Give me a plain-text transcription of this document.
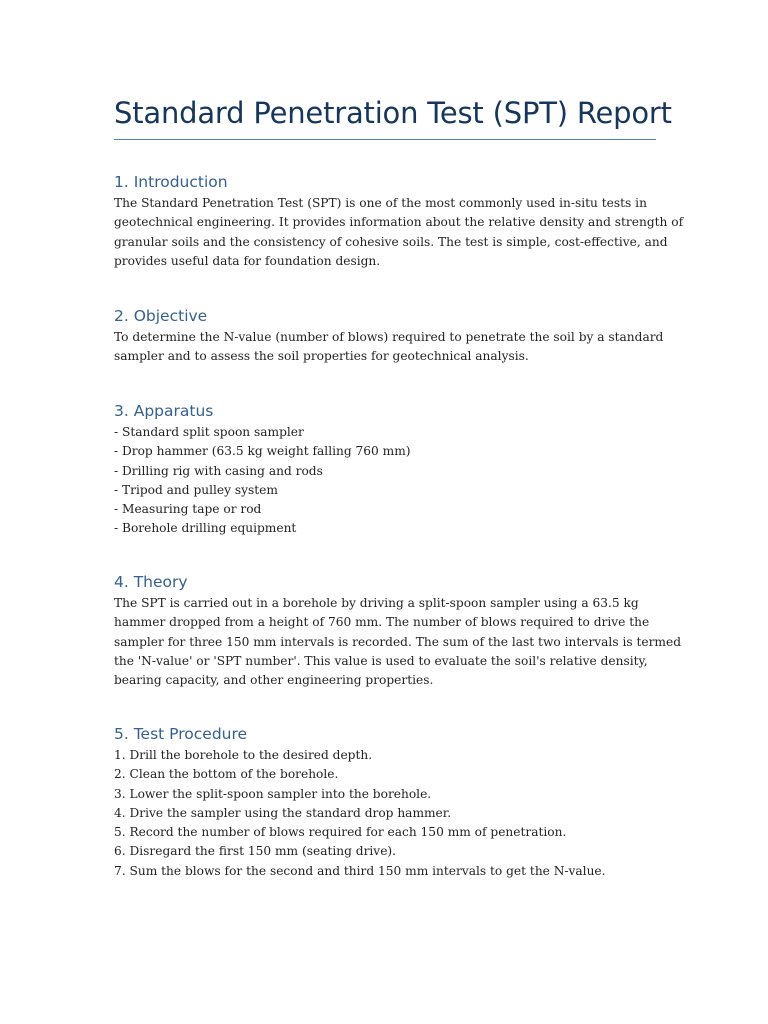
Standard Penetration Test (SPT) Report
1. Introduction

The Standard Penetration Test (SPT) is one of the most commonly used in-situ tests in
geotechnical engineering. It provides information about the relative density and strength of
granular soils and the consistency of cohesive soils. The test is simple, cost-effective, and
provides useful data for foundation design.

2. Objective

To determine the N-value (number of blows) required to penetrate the soil by a standard
sampler and to assess the soil properties for geotechnical analysis.

3. Apparatus

- Standard split spoon sampler
- Drop hammer (63.5 kg weight falling 760 mm)
- Drilling rig with casing and rods
- Tripod and pulley system
- Measuring tape or rod
- Borehole drilling equipment

4. Theory

The SPT is carried out in a borehole by driving a split-spoon sampler using a 63.5 kg
hammer dropped from a height of 760 mm. The number of blows required to drive the
sampler for three 150 mm intervals is recorded. The sum of the last two intervals is termed
the 'N-value' or 'SPT number'. This value is used to evaluate the soil's relative density,
bearing capacity, and other engineering properties.

5. Test Procedure

1. Drill the borehole to the desired depth.
2. Clean the bottom of the borehole.
3. Lower the split-spoon sampler into the borehole.
4. Drive the sampler using the standard drop hammer.
5. Record the number of blows required for each 150 mm of penetration.
6. Disregard the first 150 mm (seating drive).
7. Sum the blows for the second and third 150 mm intervals to get the N-value.
